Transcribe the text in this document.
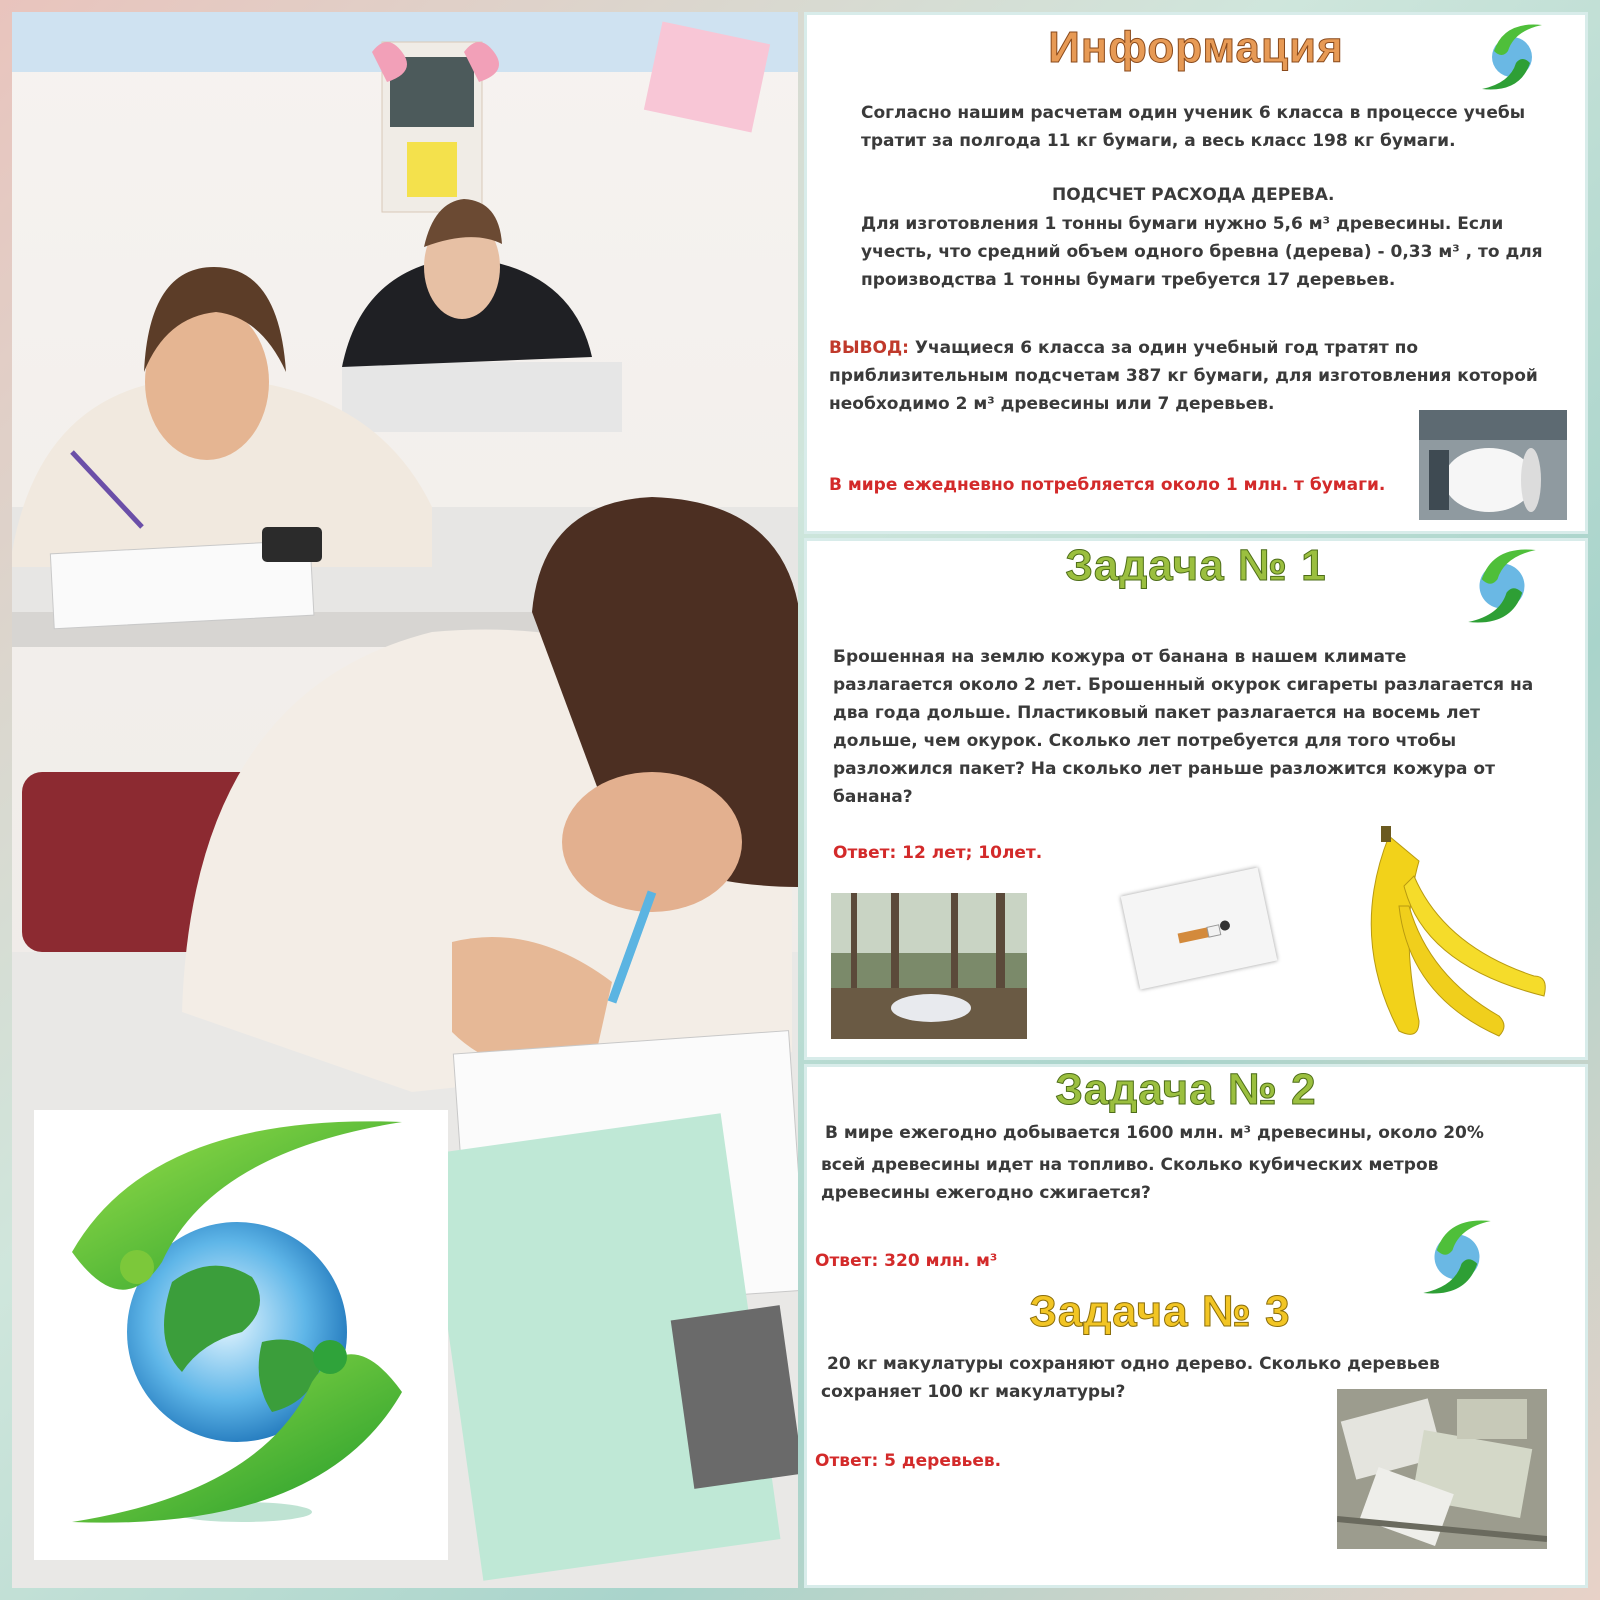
Информация
Согласно нашим расчетам один ученик 6 класса в процессе учебы
тратит за полгода 11 кг бумаги, а весь класс 198 кг бумаги.
ПОДСЧЕТ РАСХОДА ДЕРЕВА.
Для изготовления 1 тонны бумаги нужно 5,6 м³ древесины. Если
учесть, что средний объем одного бревна (дерева) - 0,33 м³ , то для
производства 1 тонны бумаги требуется 17 деревьев.
ВЫВОД: Учащиеся 6 класса за один учебный год тратят по
приблизительным подсчетам 387 кг бумаги, для изготовления которой
необходимо 2 м³ древесины или 7 деревьев.
В мире ежедневно потребляется около 1 млн. т бумаги.
Задача № 1
Брошенная на землю кожура от банана в нашем климате
разлагается около 2 лет. Брошенный окурок сигареты разлагается на
два года дольше. Пластиковый пакет разлагается на восемь лет
дольше, чем окурок. Сколько лет потребуется для того чтобы
разложился пакет? На сколько лет раньше разложится кожура от
банана?
Ответ: 12 лет; 10лет.
Задача № 2
В мире ежегодно добывается 1600 млн. м³ древесины, около 20%
всей древесины идет на топливо. Сколько кубических метров
древесины ежегодно сжигается?
Ответ: 320 млн. м³
Задача № 3
20 кг макулатуры сохраняют одно дерево. Сколько деревьев
сохраняет 100 кг макулатуры?
Ответ: 5 деревьев.
